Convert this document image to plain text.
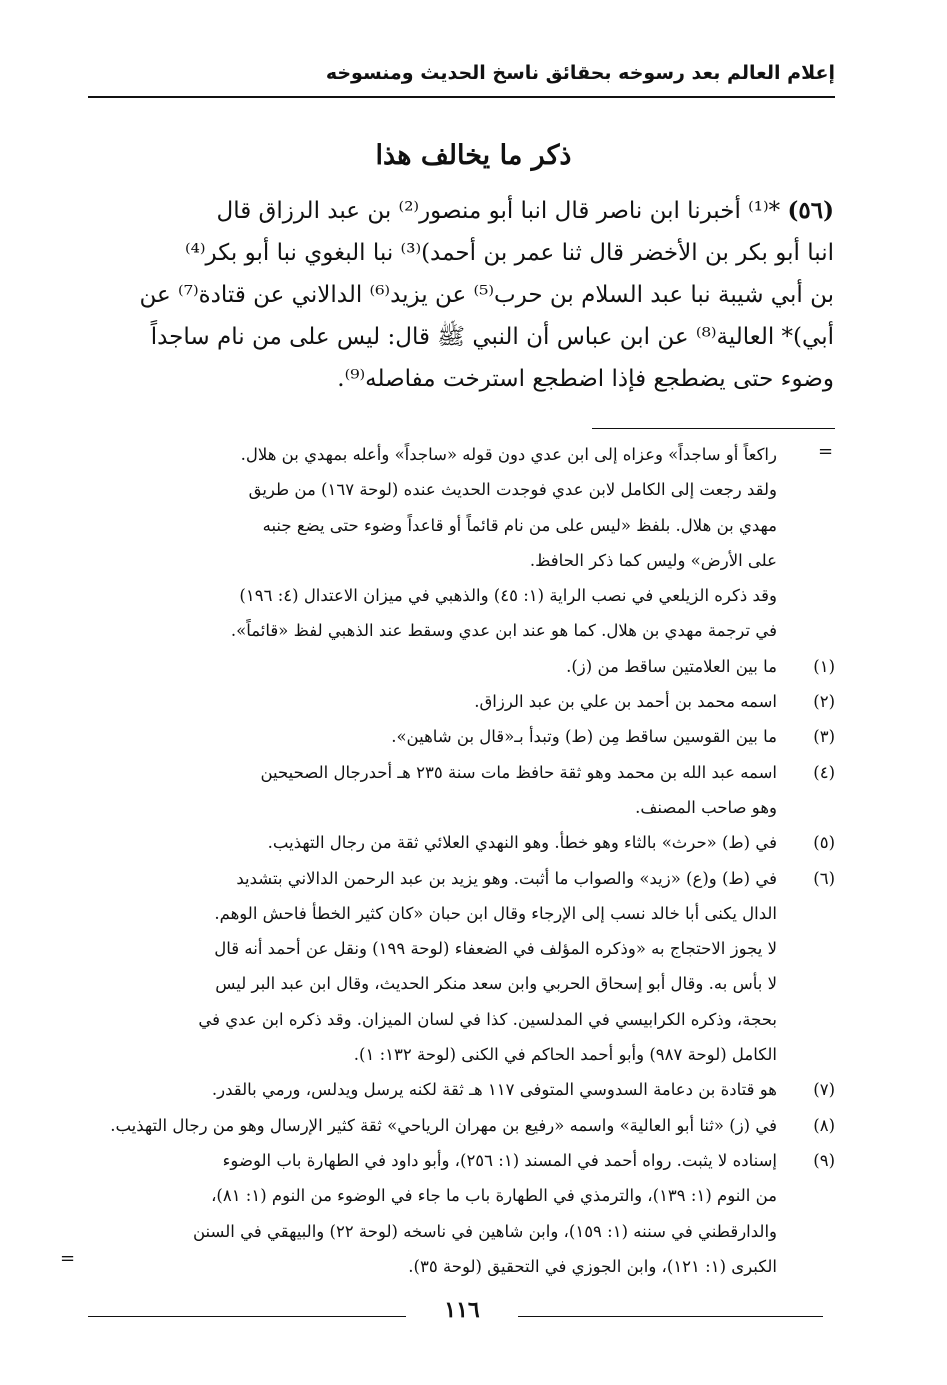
إعلام العالم بعد رسوخه بحقائق ناسخ الحديث ومنسوخه
ذكر ما يخالف هذا
(٥٦) *⁽¹⁾ أخبرنا ابن ناصر قال انبا أبو منصور⁽²⁾ بن عبد الرزاق قال
انبا أبو بكر بن الأخضر قال ثنا عمر بن أحمد)⁽³⁾ نبا البغوي نبا أبو بكر⁽⁴⁾
بن أبي شيبة نبا عبد السلام بن حرب⁽⁵⁾ عن يزيد⁽⁶⁾ الدالاني عن قتادة⁽⁷⁾ عن
أبي)* العالية⁽⁸⁾ عن ابن عباس أن النبي ﷺ قال: ليس على من نام ساجداً
وضوء حتى يضطجع فإذا اضطجع استرخت مفاصله⁽⁹⁾.
=
راكعاً أو ساجداً» وعزاه إلى ابن عدي دون قوله «ساجداً» وأعله بمهدي بن هلال.
ولقد رجعت إلى الكامل لابن عدي فوجدت الحديث عنده (لوحة ١٦٧) من طريق
مهدي بن هلال. بلفظ «ليس على من نام قائماً أو قاعداً وضوء حتى يضع جنبه
على الأرض» وليس كما ذكر الحافظ.
وقد ذكره الزيلعي في نصب الراية (١: ٤٥) والذهبي في ميزان الاعتدال (٤: ١٩٦)
في ترجمة مهدي بن هلال. كما هو عند ابن عدي وسقط عند الذهبي لفظ «قائماً».
(١)
ما بين العلامتين ساقط من (ز).
(٢)
اسمه محمد بن أحمد بن علي بن عبد الرزاق.
(٣)
ما بين القوسين ساقط مِن (ط) وتبدأ بـ«قال بن شاهين».
(٤)
اسمه عبد الله بن محمد وهو ثقة حافظ مات سنة ٢٣٥ هـ أحدرجال الصحيحين
وهو صاحب المصنف.
(٥)
في (ط) «حرث» بالثاء وهو خطأ. وهو النهدي العلائي ثقة من رجال التهذيب.
(٦)
في (ط) و(ع) «زيد» والصواب ما أثبت. وهو يزيد بن عبد الرحمن الدالاني بتشديد
الدال يكنى أبا خالد نسب إلى الإرجاء وقال ابن حبان «كان كثير الخطأ فاحش الوهم.
لا يجوز الاحتجاج به «وذكره المؤلف في الضعفاء (لوحة ١٩٩) ونقل عن أحمد أنه قال
لا بأس به. وقال أبو إسحاق الحربي وابن سعد منكر الحديث، وقال ابن عبد البر ليس
بحجة، وذكره الكرابيسي في المدلسين. كذا في لسان الميزان. وقد ذكره ابن عدي في
الكامل (لوحة ٩٨٧) وأبو أحمد الحاكم في الكنى (لوحة ١٣٢: ١).
(٧)
هو قتادة بن دعامة السدوسي المتوفى ١١٧ هـ ثقة لكنه يرسل ويدلس، ورمي بالقدر.
(٨)
في (ز) «ثنا أبو العالية» واسمه «رفيع بن مهران الرياحي» ثقة كثير الإرسال وهو من رجال التهذيب.
(٩)
إسناده لا يثبت. رواه أحمد في المسند (١: ٢٥٦)، وأبو داود في الطهارة باب الوضوء
من النوم (١: ١٣٩)، والترمذي في الطهارة باب ما جاء في الوضوء من النوم (١: ٨١)،
والدارقطني في سننه (١: ١٥٩)، وابن شاهين في ناسخه (لوحة ٢٢) والبيهقي في السنن
الكبرى (١: ١٢١)، وابن الجوزي في التحقيق (لوحة ٣٥).
=
١١٦
